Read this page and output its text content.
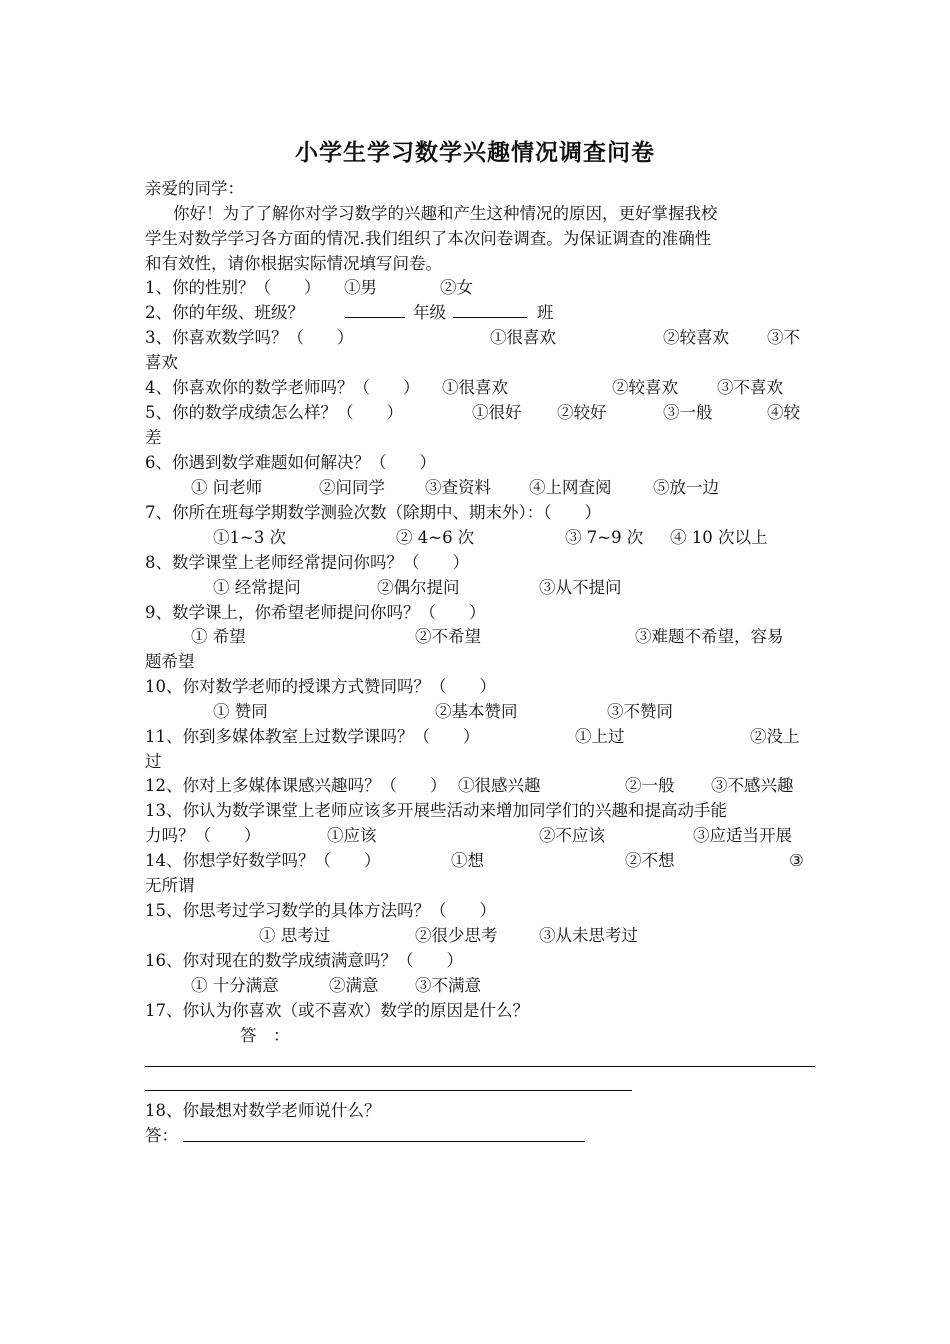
小学生学习数学兴趣情况调查问卷
亲爱的同学：
你好！为了了解你对学习数学的兴趣和产生这种情况的原因，更好掌握我校
学生对数学学习各方面的情况.我们组织了本次问卷调查。为保证调查的准确性
和有效性，请你根据实际情况填写问卷。
1、你的性别？（　　） ①男	②女
2、你的年级、班级？	年级	班
3、你喜欢数学吗？（　　）	①很喜欢	②较喜欢 ③不
喜欢
4、你喜欢你的数学老师吗？（　　） ①很喜欢	②较喜欢 ③不喜欢
5、你的数学成绩怎么样？（　　）	①很好 ②较好	③一般	④较
差
6、你遇到数学难题如何解决？（　　）
① 问老师	②问同学 ③查资料 ④上网查阅	⑤放一边
7、你所在班每学期数学测验次数（除期中、期末外）：（　　）
①1~3 次	② 4~6 次	③ 7~9 次 ④ 10 次以上
8、数学课堂上老师经常提问你吗？（　　）
① 经常提问	②偶尔提问	③从不提问
9、数学课上，你希望老师提问你吗？（　　）
① 希望	②不希望	③难题不希望，容易
题希望
10、你对数学老师的授课方式赞同吗？（　　）
① 赞同	②基本赞同	③不赞同
11、你到多媒体教室上过数学课吗？（　　）	①上过	②没上
过
12、你对上多媒体课感兴趣吗？（　　） ①很感兴趣	②一般 ③不感兴趣
13、你认为数学课堂上老师应该多开展些活动来增加同学们的兴趣和提高动手能
力吗？（　　）	①应该	②不应该	③应适当开展
14、你想学好数学吗？（　　）	①想	②不想	③
无所谓
15、你思考过学习数学的具体方法吗？（　　）
① 思考过	②很少思考	③从未思考过
16、你对现在的数学成绩满意吗？（　　）
① 十分满意	②满意 ③不满意
17、你认为你喜欢（或不喜欢）数学的原因是什么？
答　：
18、你最想对数学老师说什么？
答：
